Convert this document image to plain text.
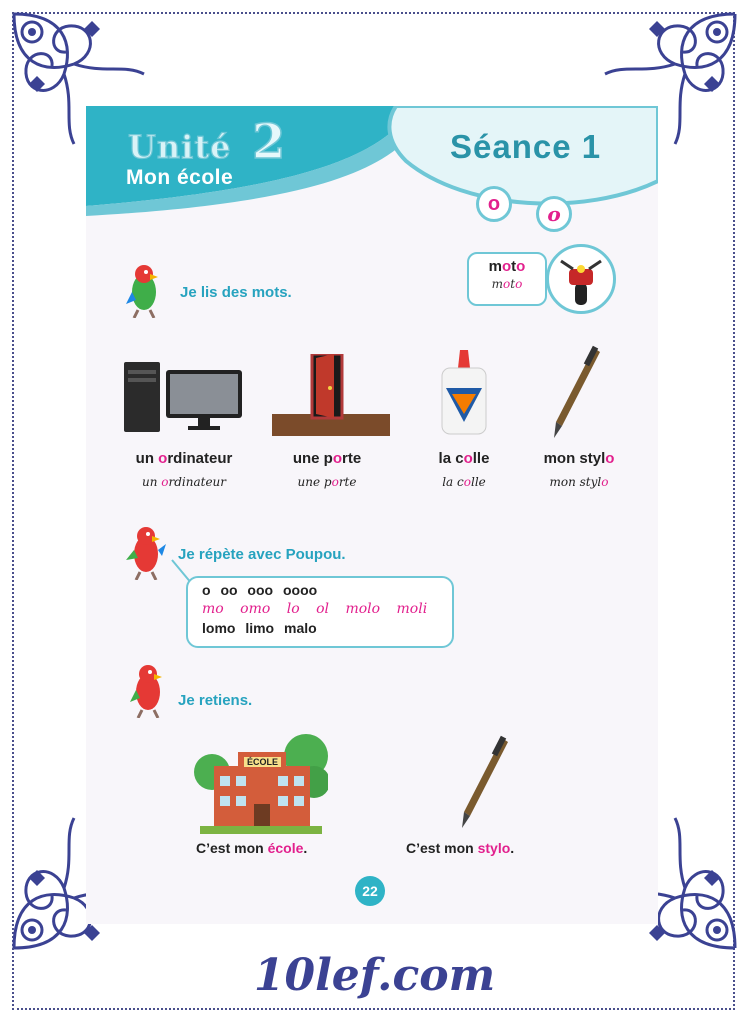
Unité 2
Mon école
Séance 1
o	o
Je lis des mots.
moto
moto
un ordinateur
un ordinateur
une porte
une porte
la colle
la colle
mon stylo
mon stylo
Je répète avec Poupou.
o oo ooo oooo
mo omo lo ol molo moli
lomo limo malo
Je retiens.
ÉCOLE
C’est mon école.	C’est mon stylo.
22
10lef.com
